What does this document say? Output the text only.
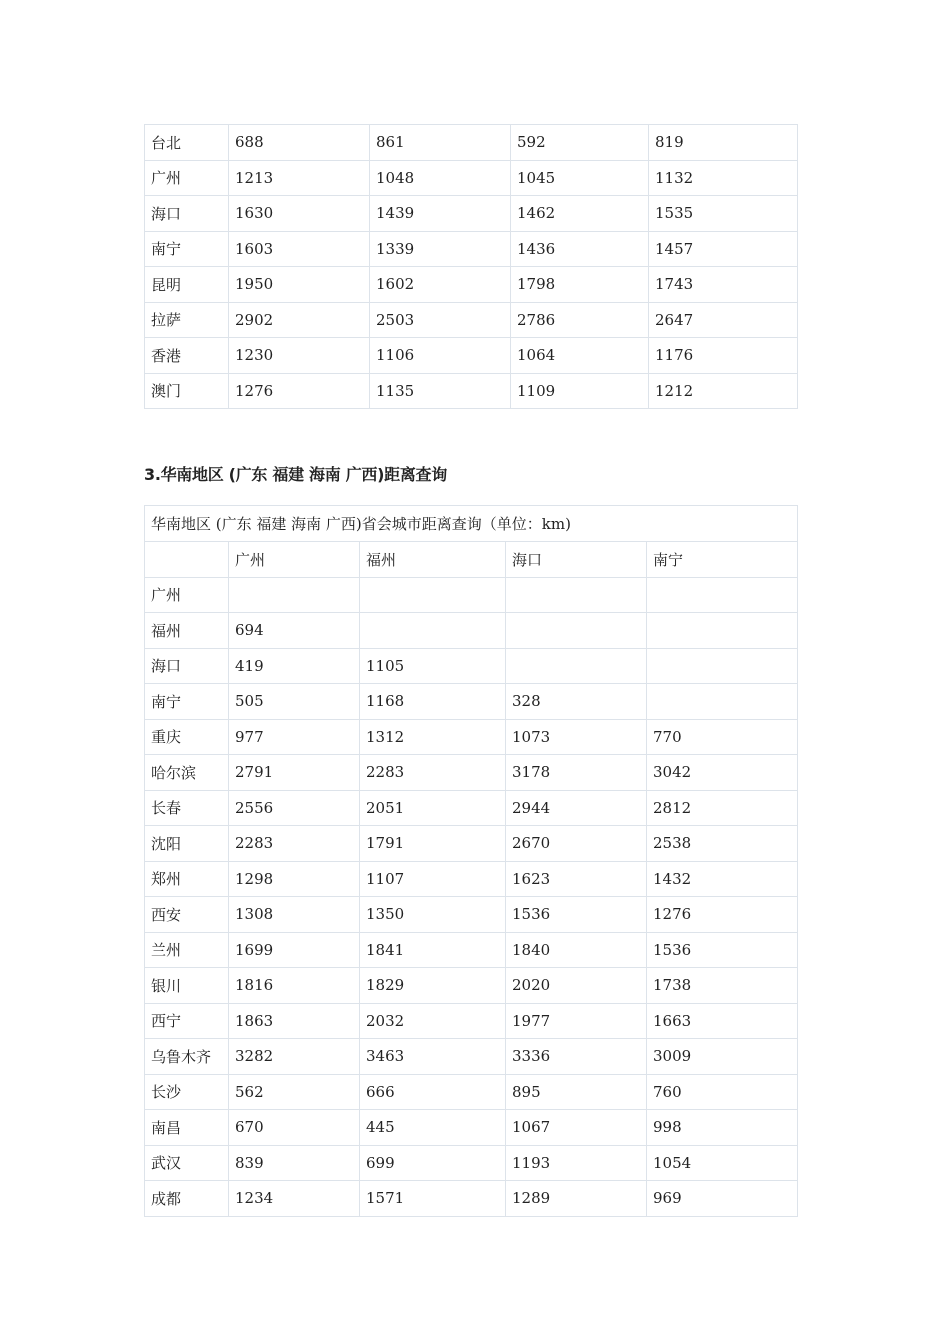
台北	688	861	592	819
广州	1213	1048	1045	1132
海口	1630	1439	1462	1535
南宁	1603	1339	1436	1457
昆明	1950	1602	1798	1743
拉萨	2902	2503	2786	2647
香港	1230	1106	1064	1176
澳门	1276	1135	1109	1212
3.华南地区 (广东 福建 海南 广西)距离查询
华南地区 (广东 福建 海南 广西)省会城市距离查询（单位：km)				
	广州	福州	海口	南宁
广州				
福州	694			
海口	419	1105		
南宁	505	1168	328	
重庆	977	1312	1073	770
哈尔滨	2791	2283	3178	3042
长春	2556	2051	2944	2812
沈阳	2283	1791	2670	2538
郑州	1298	1107	1623	1432
西安	1308	1350	1536	1276
兰州	1699	1841	1840	1536
银川	1816	1829	2020	1738
西宁	1863	2032	1977	1663
乌鲁木齐	3282	3463	3336	3009
长沙	562	666	895	760
南昌	670	445	1067	998
武汉	839	699	1193	1054
成都	1234	1571	1289	969
